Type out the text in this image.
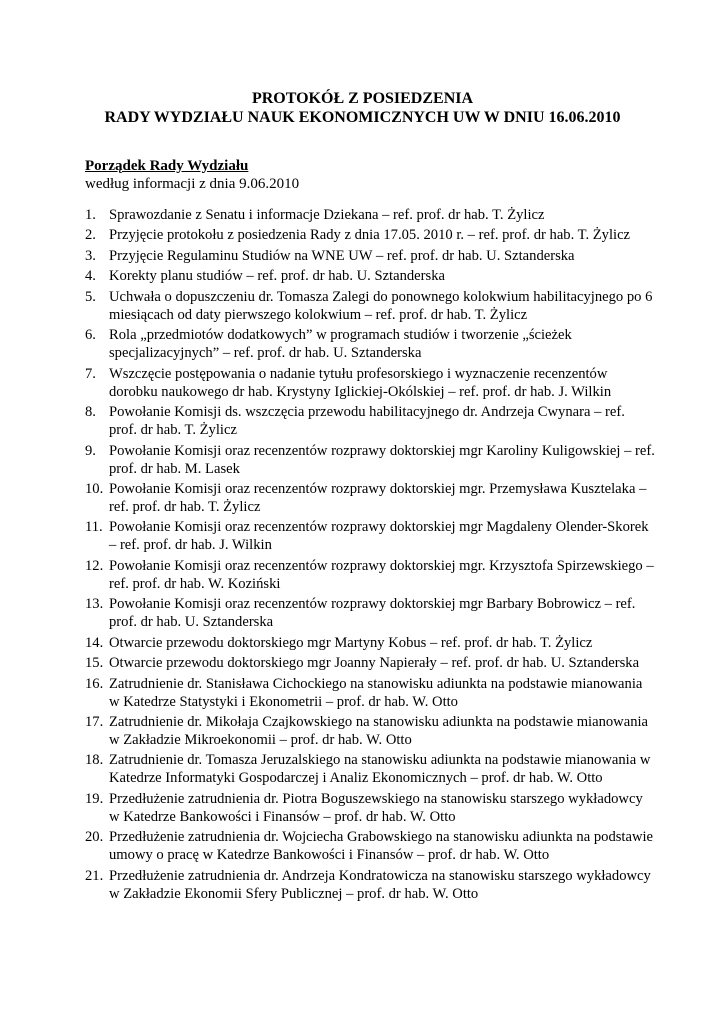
PROTOKÓŁ Z POSIEDZENIA
RADY WYDZIAŁU NAUK EKONOMICZNYCH UW W DNIU 16.06.2010
Porządek Rady Wydziału
według informacji z dnia 9.06.2010
1. Sprawozdanie z Senatu i informacje Dziekana – ref. prof. dr hab. T. Żylicz
2. Przyjęcie protokołu z posiedzenia Rady z dnia 17.05. 2010 r. – ref. prof. dr hab. T. Żylicz
3. Przyjęcie Regulaminu Studiów na WNE UW – ref. prof. dr hab. U. Sztanderska
4. Korekty planu studiów – ref. prof. dr hab. U. Sztanderska
5. Uchwała o dopuszczeniu dr. Tomasza Zalegi do ponownego kolokwium habilitacyjnego po 6 miesiącach od daty pierwszego kolokwium – ref. prof. dr hab. T. Żylicz
6. Rola „przedmiotów dodatkowych” w programach studiów i tworzenie „ścieżek specjalizacyjnych” – ref. prof. dr hab. U. Sztanderska
7. Wszczęcie postępowania o nadanie tytułu profesorskiego i wyznaczenie recenzentów dorobku naukowego dr hab. Krystyny Iglickiej-Okólskiej – ref. prof. dr hab. J. Wilkin
8. Powołanie Komisji ds. wszczęcia przewodu habilitacyjnego dr. Andrzeja Cwynara – ref. prof. dr hab. T. Żylicz
9. Powołanie Komisji oraz recenzentów rozprawy doktorskiej mgr Karoliny Kuligowskiej – ref. prof. dr hab. M. Lasek
10. Powołanie Komisji oraz recenzentów rozprawy doktorskiej mgr. Przemysława Kusztelaka – ref. prof. dr hab. T. Żylicz
11. Powołanie Komisji oraz recenzentów rozprawy doktorskiej mgr Magdaleny Olender-Skorek – ref. prof. dr hab. J. Wilkin
12. Powołanie Komisji oraz recenzentów rozprawy doktorskiej mgr. Krzysztofa Spirzewskiego – ref. prof. dr hab. W. Koziński
13. Powołanie Komisji oraz recenzentów rozprawy doktorskiej mgr Barbary Bobrowicz – ref. prof. dr hab. U. Sztanderska
14. Otwarcie przewodu doktorskiego mgr Martyny Kobus – ref. prof. dr hab. T. Żylicz
15. Otwarcie przewodu doktorskiego mgr Joanny Napierały – ref. prof. dr hab. U. Sztanderska
16. Zatrudnienie dr. Stanisława Cichockiego na stanowisku adiunkta na podstawie mianowania w Katedrze Statystyki i Ekonometrii – prof. dr hab. W. Otto
17. Zatrudnienie dr. Mikołaja Czajkowskiego na stanowisku adiunkta na podstawie mianowania w Zakładzie Mikroekonomii – prof. dr hab. W. Otto
18. Zatrudnienie dr. Tomasza Jeruzalskiego na stanowisku adiunkta na podstawie mianowania w Katedrze Informatyki Gospodarczej i Analiz Ekonomicznych – prof. dr hab. W. Otto
19. Przedłużenie zatrudnienia dr. Piotra Boguszewskiego na stanowisku starszego wykładowcy w Katedrze Bankowości i Finansów – prof. dr hab. W. Otto
20. Przedłużenie zatrudnienia dr. Wojciecha Grabowskiego na stanowisku adiunkta na podstawie umowy o pracę w Katedrze Bankowości i Finansów – prof. dr hab. W. Otto
21. Przedłużenie zatrudnienia dr. Andrzeja Kondratowicza na stanowisku starszego wykładowcy w Zakładzie Ekonomii Sfery Publicznej – prof. dr hab. W. Otto
